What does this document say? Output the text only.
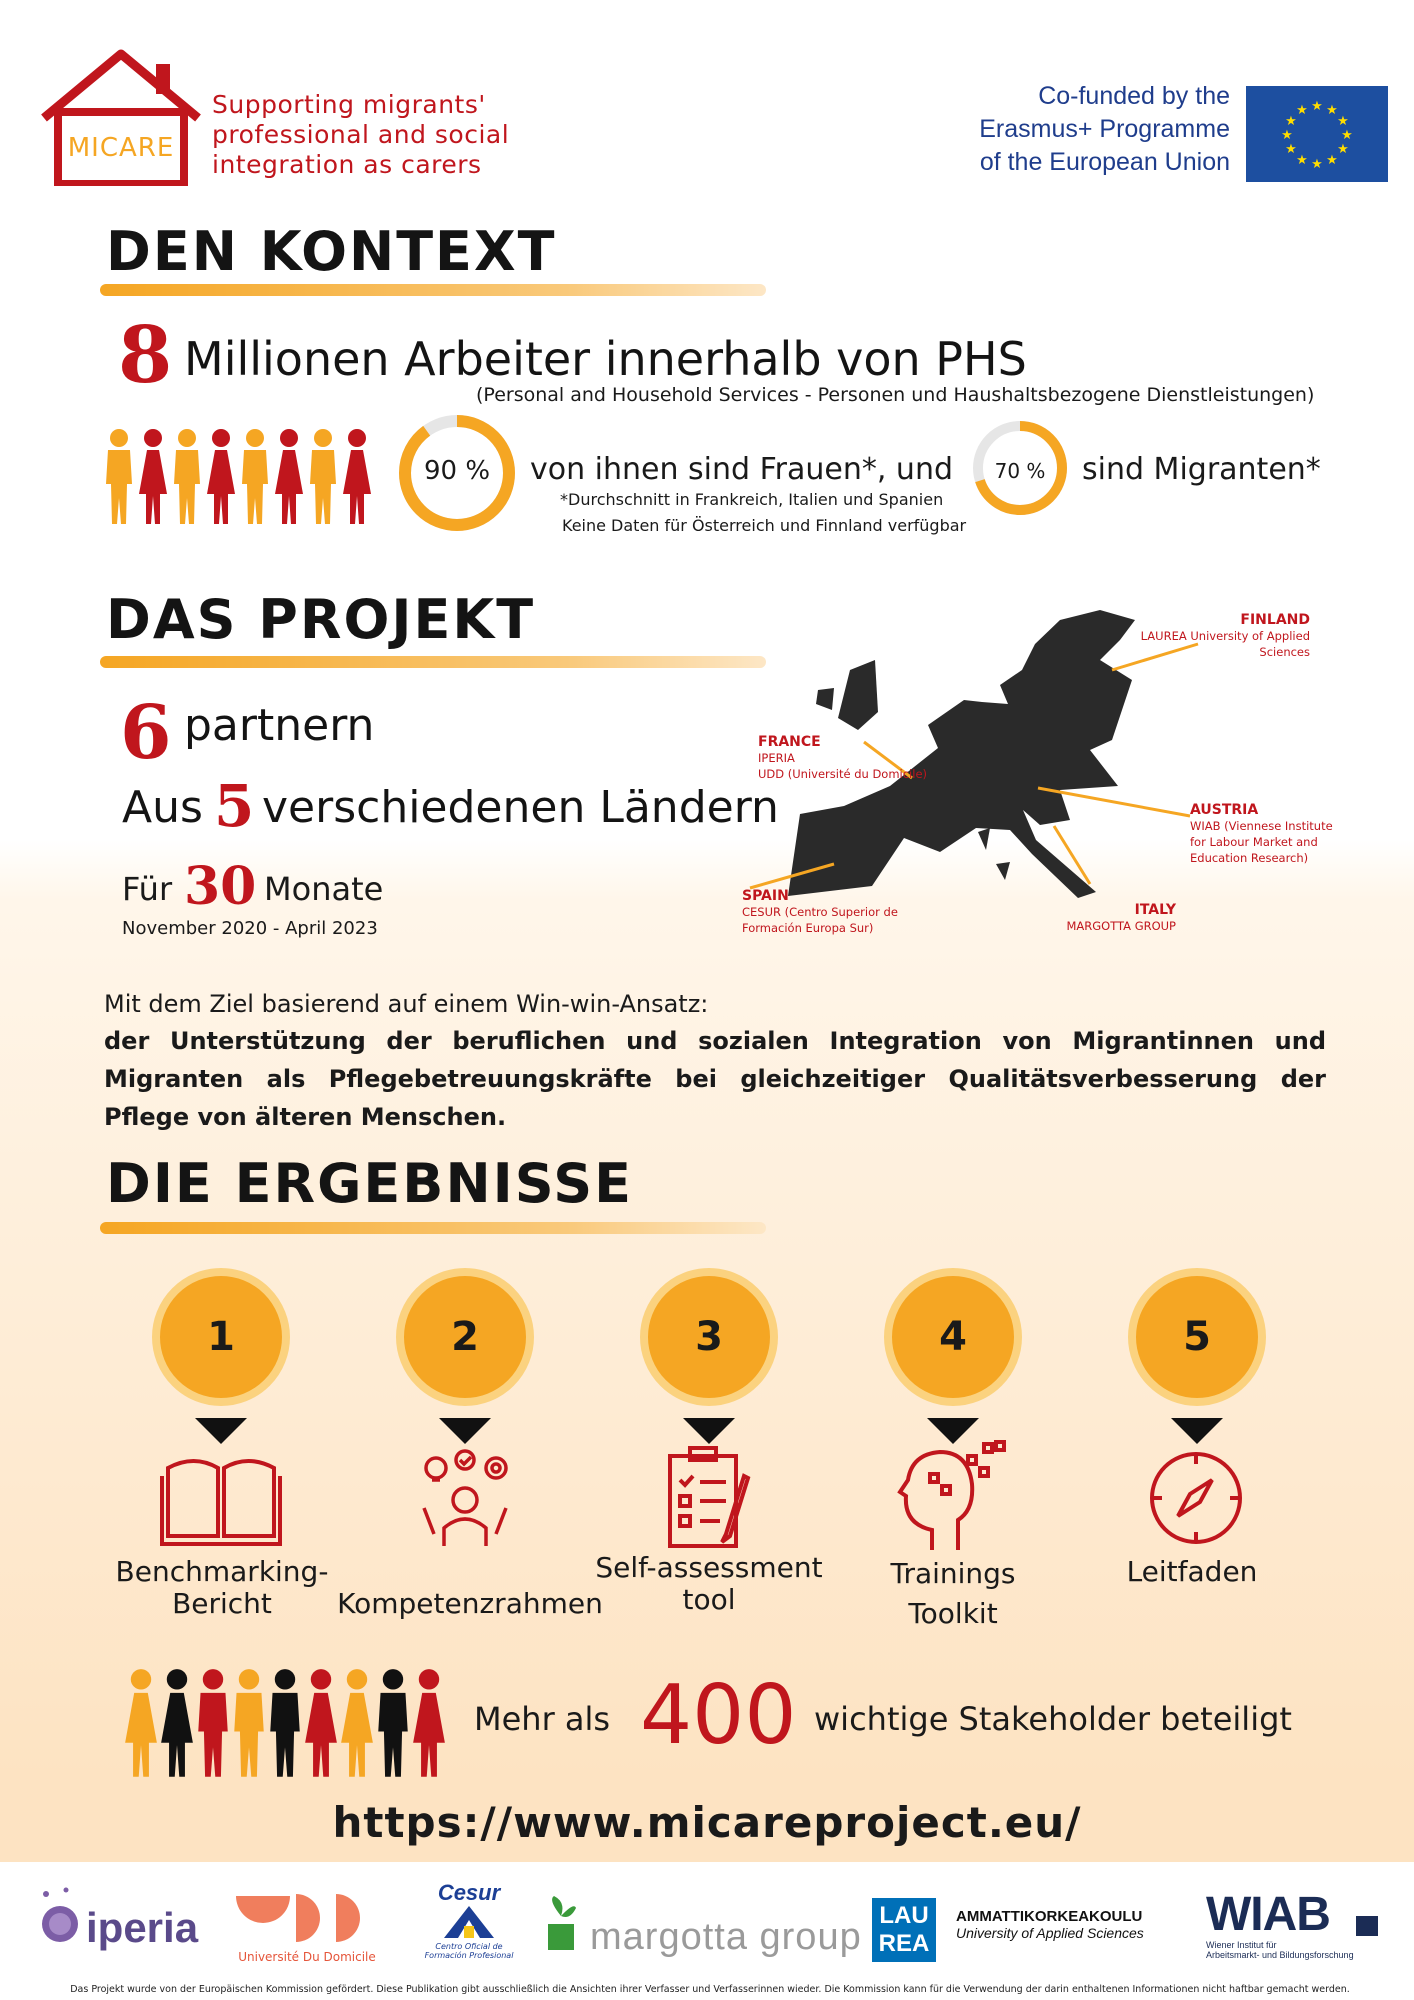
MICARE
Supporting migrants'
professional and social
integration as carers
Co-funded by the
Erasmus+ Programme
of the European Union
★ ★
★
★
★
★
★
★
★
★
★
★
DEN KONTEXT
8 Millionen Arbeiter innerhalb von PHS
(Personal and Household Services - Personen und Haushaltsbezogene Dienstleistungen)
90 %	von ihnen sind Frauen*, und	70 %	sind Migranten*
*Durchschnitt in Frankreich, Italien und Spanien
Keine Daten für Österreich und Finnland verfügbar
DAS PROJEKT
6 partnern
Aus 5 verschiedenen Ländern
Für 30 Monate
November 2020 - April 2023
FINLAND
LAUREA University of Applied
Sciences
FRANCE
IPERIA
UDD (Université du Domicile)
AUSTRIA
WIAB (Viennese Institute
for Labour Market and
Education Research)
SPAIN
CESUR (Centro Superior de
Formación Europa Sur)
ITALY
MARGOTTA GROUP
Mit dem Ziel basierend auf einem Win-win-Ansatz:
der Unterstützung der beruflichen und sozialen Integration von Migrantinnen und Migranten als Pflegebetreuungskräfte bei gleichzeitiger Qualitätsverbesserung der Pflege von älteren Menschen.
DIE ERGEBNISSE
1	2	3	4	5
Benchmarking-
Bericht	Kompetenzrahmen
Self-assessment
tool
Trainings
Toolkit
Leitfaden
Mehr als 400 wichtige Stakeholder beteiligt
https://www.micareproject.eu/
iperia
Université Du Domicile
Cesur
Centro Oficial de
Formación Profesional margotta group
LAU
REA
AMMATTIKORKEAKOULU
University of Applied Sciences	WIAB
Wiener Institut für
Arbeitsmarkt- und Bildungsforschung
Das Projekt wurde von der Europäischen Kommission gefördert. Diese Publikation gibt ausschließlich die Ansichten ihrer Verfasser und Verfasserinnen wieder. Die Kommission kann für die Verwendung der darin enthaltenen Informationen nicht haftbar gemacht werden.
